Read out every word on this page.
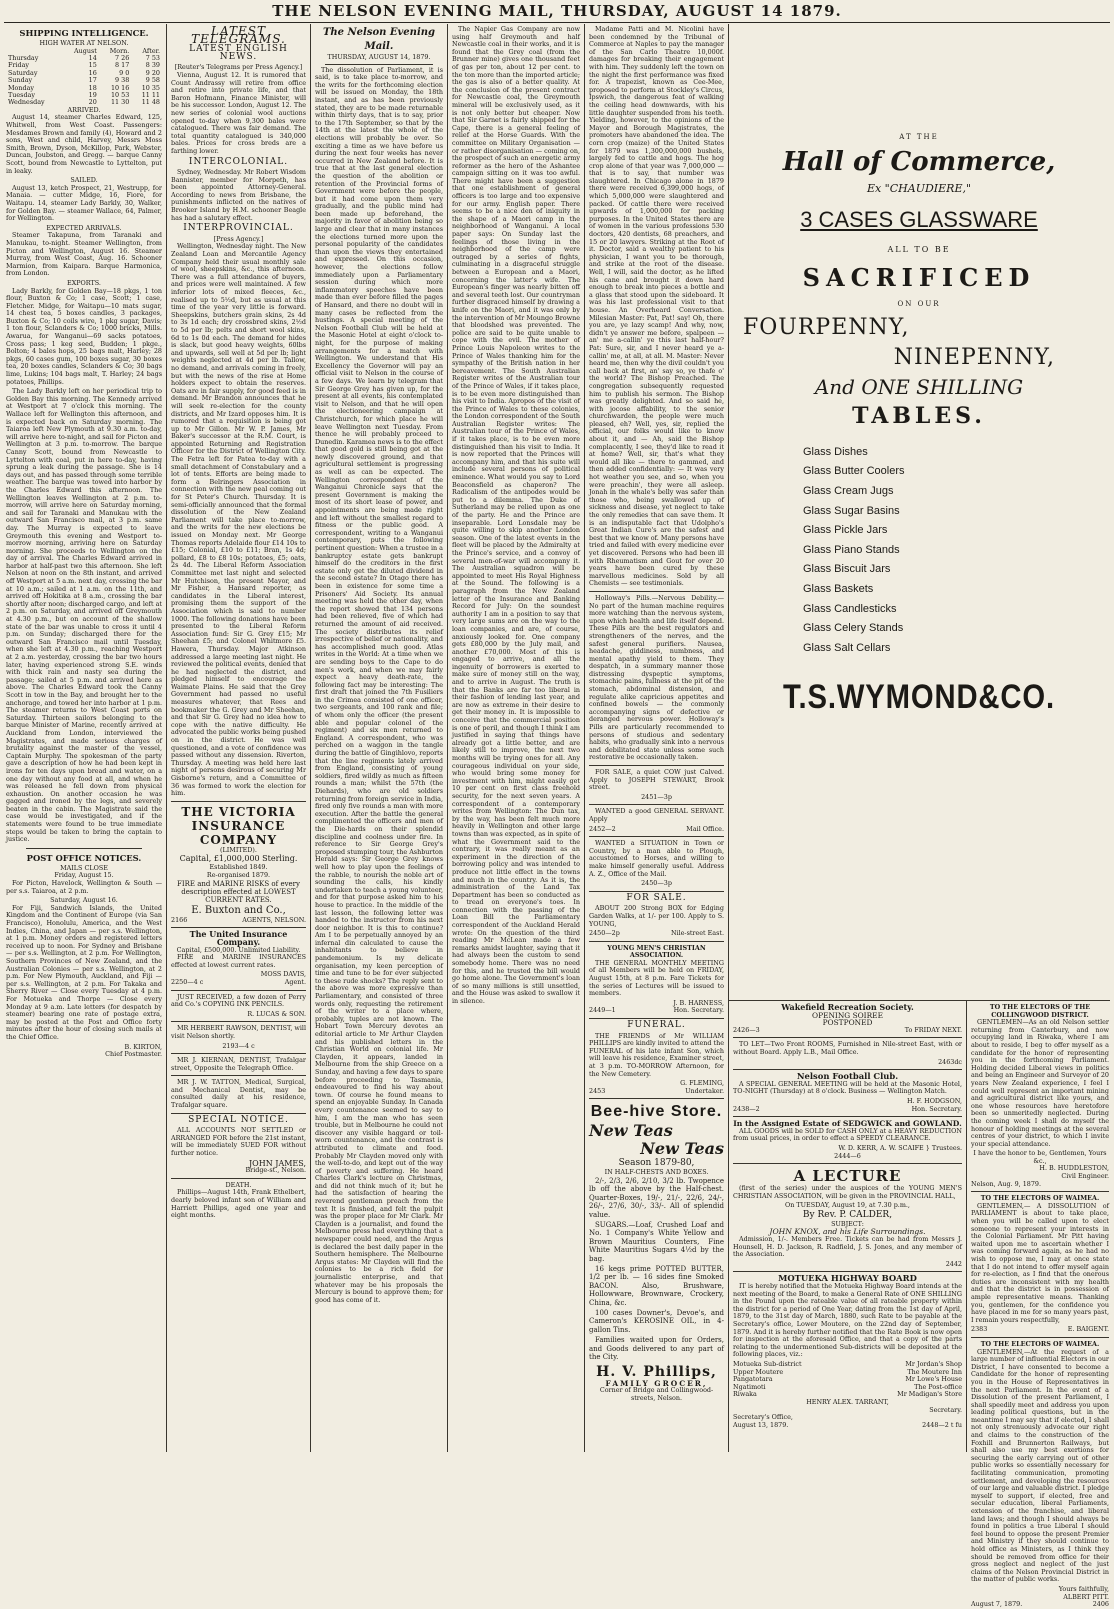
THE NELSON EVENING MAIL, THURSDAY, AUGUST 14 1879.
SHIPPING INTELLIGENCE.
HIGH WATER AT NELSON.
	August	Morn.	After.
Thursday	14	7 26	7 53
Friday	15	8 17	8 39
Saturday	16	9 0	9 20
Sunday	17	9 38	9 58
Monday	18	10 16	10 35
Tuesday	19	10 53	11 11
Wednesday	20	11 30	11 48
ARRIVED.

August 14, steamer Charles Edward, 125, Whitwell, from West Coast. Passengers: Mesdames Brown and family (4), Howard and 2 sons, West and child, Harvey, Messrs Moss Smith, Brown, Dyson, McKillop, Park, Webster, Duncan, Joubston, and Gregg. — barque Canny Scott, bound from Newcastle to Lyttelton, put in leaky.

SAILED.

August 13, ketch Prospect, 21, Westrupp, for Manaia. — cutter Midge, 16, Fiore, for Waitapu. 14, steamer Lady Barkly, 30, Walker, for Golden Bay. — steamer Wallace, 64, Palmer, for Wellington.

EXPECTED ARRIVALS.

Steamer Takapuna, from Taranaki and Manukau, to-night. Steamer Wellington, from Picton and Wellington, August 16. Steamer Murray, from West Coast, Aug. 16. Schooner Marmion, from Kaipara. Barque Harmonica, from London.

EXPORTS.

Lady Barkly, for Golden Bay—18 pkgs, 1 ton flour, Buxton & Co; 1 case, Scott; 1 case, Fletcher. Midge, for Waitapu—10 mats sugar, 14 chest tea, 5 boxes candles, 3 packages, Buxton & Co; 10 coils wire, 1 pkg sugar, Davis; 1 ton flour, Sclanders & Co; 1000 bricks, Mills. Awarua, for Wanganui—69 sacks potatoes, Cross pass; 1 keg seed, Budden; 1 pkge., Bolton; 4 bales hops, 25 bags malt, Harley; 28 pkgs, 60 cases gum, 100 boxes sugar, 30 boxes tea, 20 boxes candles, Sclanders & Co; 30 bags lime, Lukins; 104 bags malt, T. Harley; 24 bags potatoes, Phillips.

The Lady Barkly left on her periodical trip to Golden Bay this morning. The Kennedy arrived at Westport at 7 o'clock this morning. The Wallace left for Wellington this afternoon, and is expected back on Saturday morning. The Taiaroa left New Plymouth at 9.30 a.m. to-day, will arrive here to-night, and sail for Picton and Wellington at 3 p.m. to-morrow. The barque Canny Scott, bound from Newcastle to Lyttelton with coal, put in here to-day, having sprung a leak during the passage. She is 14 days out, and has passed through some terrible weather. The barque was towed into harbor by the Charles Edward this afternoon. The Wellington leaves Wellington at 2 p.m. to-morrow, will arrive here on Saturday morning, and sail for Taranaki and Manukau with the outward San Francisco mail, at 3 p.m. same day. The Murray is expected to leave Greymouth this evening and Westport to-morrow morning, arriving here on Saturday morning. She proceeds to Wellington on the day of arrival. The Charles Edward arrived in harbor at half-past two this afternoon. She left Nelson at noon on the 8th instant, and arrived off Westport at 5 a.m. next day, crossing the bar at 10 a.m.; sailed at 1 a.m. on the 11th, and arrived off Hokitika at 8 a.m., crossing the bar shortly after noon; discharged cargo, and left at 2 p.m. on Saturday, and arrived off Greymouth at 4.30 p.m., but on account of the shallow state of the bar was unable to cross it until 4 p.m. on Sunday; discharged there for the outward San Francisco mail until Tuesday, when she left at 4.30 p.m., reaching Westport at 2 a.m. yesterday, crossing the bar two hours later, having experienced strong S.E. winds with thick rain and nasty sea during the passage; sailed at 5 p.m. and arrived here as above. The Charles Edward took the Canny Scott in tow in the Bay, and brought her to the anchorage, and towed her into harbor at 1 p.m. The steamer returns to West Coast ports on Saturday. Thirteen sailors belonging to the barque Minister of Marine, recently arrived at Auckland from London, interviewed the Magistrates, and made serious charges of brutality against the master of the vessel, Captain Murphy. The spokesman of the party gave a description of how he had been kept in irons for ten days upon bread and water, on a one day without any food at all, and when he was released he fell down from physical exhaustion. On another occasion he was gagged and ironed by the legs, and severely beaten in the cabin. The Magistrate said the case would be investigated, and if the statements were found to be true immediate steps would be taken to bring the captain to justice.

POST OFFICE NOTICES.
MAILS CLOSE
Friday, August 15.

For Picton, Havelock, Wellington & South — per s.s. Taiaroa, at 2 p.m.

Saturday, August 16.

For Fiji, Sandwich Islands, the United Kingdom and the Continent of Europe (via San Francisco), Honolulu, America, and the West Indies, China, and Japan — per s.s. Wellington, at 1 p.m. Money orders and registered letters received up to noon. For Sydney and Brisbane — per s.s. Wellington, at 2 p.m. For Wellington, Southern Provinces of New Zealand, and the Australian Colonies — per s.s. Wellington, at 2 p.m. For New Plymouth, Auckland, and Fiji — per s.s. Wellington, at 2 p.m. For Takaka and Sherry River — Close every Tuesday at 4 p.m. For Motueka and Thorpe — Close every Monday at 9 a.m. Late letters (for despatch by steamer) bearing one rate of postage extra, may be posted at the Post and Office forty minutes after the hour of closing such mails at the Chief Office.

B. KIRTON,
Chief Postmaster.
LATEST TELEGRAMS.
LATEST ENGLISH NEWS.
[Reuter's Telegrams per Press Agency.]

Vienna, August 12. It is rumored that Count Andrassy will retire from office and retire into private life, and that Baron Hofmann, Finance Minister, will be his successor. London, August 12. The new series of colonial wool auctions opened to-day when 9,300 bales were catalogued. There was fair demand. The total quantity catalogued is 340,000 bales. Prices for cross breds are a farthing lower.

INTERCOLONIAL.

Sydney, Wednesday. Mr Robert Wisdom Bannister, member for Morpeth, has been appointed Attorney-General. According to news from Brisbane, the punishments inflicted on the natives of Brooker Island by H.M. schooner Beagle has had a salutary effect.

INTERPROVINCIAL.
[Press Agency.]

Wellington, Wednesday night. The New Zealand Loan and Mercantile Agency Company held their usual monthly sale of wool, sheepskins, &c., this afternoon. There was a full attendance of buyers, and prices were well maintained. A few inferior lots of mixed fleeces, &c., realised up to 5½d, but as usual at this time of the year very little is forward. Sheepskins, butchers grain skins, 2s 4d to 3s 1d each; dry crossbred skins, 2½d to 5d per lb; pelts and short wool skins, 6d to 1s 0d each. The demand for hides is slack, but good heavy weights, 60lbs and upwards, sell well at 5d per lb; light weights neglected at 4d per lb. Tallow, no demand, and arrivals coming in freely, but with the news of the rise at Home holders expect to obtain the reserves. Oats are in fair supply, for good feed is in demand. Mr Brandon announces that he will seek re-election for the county districts, and Mr Izard opposes him. It is rumored that a requisition is being got up to Mr Gillon. Mr W. P. James, Mr Baker's successor at the R.M. Court, is appointed Returning and Registration Officer for the District of Wellington City. The Fetra left for Patea to-day with a small detachment of Constabulary and a lot of tents. Efforts are being made to form a Belringers Association in connection with the new peal coming out for St Peter's Church. Thursday. It is semi-officially announced that the formal dissolution of the New Zealand Parliament will take place to-morrow, and the writs for the new elections be issued on Monday next. Mr George Thomas reports Adelaide flour £14 10s to £15; Colonial, £10 to £11; Bran, 1s 4d; pollard, £8 to £8 10s; potatoes, £5; oats, 2s 4d. The Liberal Reform Association Committee met last night and selected Mr Hutchison, the present Mayor, and Mr Fisher, a Hansard reporter, as candidates in the Liberal interest, promising them the support of the Association which is said to number 1000. The following donations have been presented to the Liberal Reform Association fund: Sir G. Grey £15; Mr Sheehan £5; and Colonel Whitmore £5. Hawera, Thursday. Major Atkinson addressed a large meeting last night. He reviewed the political events, denied that he had neglected the district, and pledged himself to encourage the Waimate Plains. He said that the Grey Government had passed no useful measures whatever, that Rees and bookmaker the G. Grey and Mr Sheehan, and that Sir G. Grey had no idea how to cope with the native difficulty. He advocated the public works being pushed on in the district. He was well questioned, and a vote of confidence was passed without any dissension. Riverton, Thursday. A meeting was held here last night of persons desirous of securing Mr Gisborne's return, and a Committee of 36 was formed to work the election for him.

THE VICTORIA INSURANCE COMPANY
(LIMITED).
Capital, £1,000,000 Sterling.
Established 1849.
Re-organised 1879.
FIRE and MARINE RISKS of every description effected at LOWEST CURRENT RATES.
E. Buxton and Co.,
2166	AGENTS, NELSON.
The United Insurance Company.
Capital, £500,000. Unlimited Liability.

FIRE and MARINE INSURANCES effected at lowest current rates.

MOSS DAVIS,
2250—4 c	Agent.

JUST RECEIVED, a few dozen of Perry and Co.'s COPYING INK PENCILS.

R. LUCAS & SON.

MR HERBERT RAWSON, DENTIST, will visit Nelson shortly.

2193—4 c

MR J. KIERNAN, DENTIST, Trafalgar street, Opposite the Telegraph Office.

MR J. W. TATTON, Medical, Surgical, and Mechanical Dentist, may be consulted daily at his residence, Trafalgar square.

SPECIAL NOTICE.

ALL ACCOUNTS NOT SETTLED or ARRANGED FOR before the 21st instant, will be immediately SUED FOR without further notice.

JOHN JAMES,
Bridge-st., Nelson.
DEATH.

Phillips—August 14th, Frank Ethelbert, dearly beloved infant son of William and Harriett Phillips, aged one year and eight months.

The Nelson Evening Mail.
THURSDAY, AUGUST 14, 1879.

The dissolution of Parliament, it is said, is to take place to-morrow, and the writs for the forthcoming election will be issued on Monday, the 18th instant, and as has been previously stated, they are to be made returnable within thirty days, that is to say, prior to the 17th September, so that by the 14th at the latest the whole of the elections will probably be over. So exciting a time as we have before us during the next four weeks has never occurred in New Zealand before. It is true that at the last general election the question of the abolition or retention of the Provincial forms of Government were before the people, but it had come upon them very gradually, and the public mind had been made up beforehand, the majority in favor of abolition being so large and clear that in many instances the elections turned more upon the personal popularity of the candidates than upon the views they entertained and expressed. On this occasion, however, the elections follow immediately upon a Parliamentary session during which more inflammatory speeches have been made than ever before filled the pages of Hansard, and there no doubt will in many cases be reflected from the hustings. A special meeting of the Nelson Football Club will be held at the Masonic Hotel at eight o'clock to-night, for the purpose of making arrangements for a match with Wellington. We understand that His Excellency the Governor will pay an official visit to Nelson in the course of a few days. We learn by telegram that Sir George Grey has given up, for the present at all events, his contemplated visit to Nelson, and that he will open the electioneering campaign at Christchurch, for which place he will leave Wellington next Tuesday. From thence he will probably proceed to Dunedin. Karamea news is to the effect that good gold is still being got at the newly discovered ground, and that agricultural settlement is progressing as well as can be expected. The Wellington correspondent of the Wanganui Chronicle says that the present Government is making the most of its short lease of power, and appointments are being made right and left without the smallest regard to fitness or the public good. A correspondent, writing to a Wanganui contemporary, puts the following pertinent question: When a trustee in a bankruptcy estate gets bankrupt himself do the creditors in the first estate only get the diluted dividend in the second estate? In Otago there has been in existence for some time a Prisoners' Aid Society. Its annual meeting was held the other day, when the report showed that 134 persons had been relieved, five of which had returned the amount of aid received. The society distributes its relief irrespective of belief or nationality, and has accomplished much good. Atlas writes in the World: At a time when we are sending boys to the Cape to do men's work, and when we may fairly expect a heavy death-rate, the following fact may be interesting: The first draft that joined the 7th Fusiliers in the Crimea consisted of one officer, two sergeants, and 100 rank and file; of whom only the officer (the present able and popular colonel of the regiment) and six men returned to England. A correspondent, who was perched on a waggon in the tangle during the battle of Gingihlovo, reports that the line regiments lately arrived from England, consisting of young soldiers, fired wildly as much as fifteen rounds a man; whilst the 57th (the Diehards), who are old soldiers returning from foreign service in India, fired only five rounds a man with more execution. After the battle the general complimented the officers and men of the Die-hards on their splendid discipline and coolness under fire. In reference to Sir George Grey's proposed stumping tour, the Ashburton Herald says: Sir George Grey knows well how to play upon the feelings of the rabble, to nourish the noble art of sounding the calls, his kindly undertaken to teach a young volunteer, and for that purpose asked him to his house to practice. In the middle of the last lesson, the following letter was handed to the instructor from his next door neighbor. It is this to continue? Am I to be perpetually annoyed by an infernal din calculated to cause the inhabitants to believe in pandemonium. Is my delicate organisation, my keen perception of time and tune to be for ever subjected to these rude shocks? The reply sent to the above was more expressive than Parliamentary, and consisted of three words only, requesting the retirement of the writer to a place where, probably, tuples are not known. The Hobart Town Mercury devotes an editorial article to Mr Arthur Clayden and his published letters in the Christian World on colonial life. Mr Clayden, it appears, landed in Melbourne from the ship Greece on a Sunday, and having a few days to spare before proceeding to Tasmania, endeavoured to find his way about town. Of course he found means to spend an enjoyable Sunday. In Canada every countenance seemed to say to him, I am the man who has seen trouble, but in Melbourne he could not discover any visible haggard or toil-worn countenance, and the contrast is attributed to climate and food. Probably Mr Clayden moved only with the well-to-do, and kept out of the way of poverty and suffering. He heard Charles Clark's lecture on Christmas, and did not think much of it; but he had the satisfaction of hearing the reverend gentleman preach from the text It is finished, and felt the pulpit was the proper place for Mr Clark. Mr Clayden is a journalist, and found the Melbourne press had everything that a newspaper could need, and the Argus is declared the best daily paper in the Southern hemisphere. The Melbourne Argus states: Mr Clayden will find the colonies to be a rich field for journalistic enterprise, and that whatever may be his proposals the Mercury is bound to approve them; for good has come of it.

The Napier Gas Company are now using half Greymouth and half Newcastle coal in their works, and it is found that the Grey coal (from the Brunner mine) gives one thousand feet of gas per ton, about 12 per cent. to the ton more than the imported article; the gas is also of a better quality. At the conclusion of the present contract for Newcastle coal, the Greymouth mineral will be exclusively used, as it is not only better but cheaper. Now that Sir Garnet is fairly shipped for the Cape, there is a general feeling of relief at the Horse Guards. With the committee on Military Organisation — or rather disorganisation — coming on, the prospect of such an energetic army reformer as the hero of the Ashantee campaign sitting on it was too awful. There might have been a suggestion that one establishment of general officers is too large and too expensive for our army. English paper. There seems to be a nice den of iniquity in the shape of a Maori camp in the neighborhood of Wanganui. A local paper says: On Sunday last the feelings of those living in the neighborhood of the camp were outraged by a series of fights, culminating in a disgraceful struggle between a European and a Maori, concerning the latter's wife. The European's finger was nearly bitten off and several teeth lost. Our countryman further disgraced himself by drawing a knife on the Maori, and it was only by the intervention of Mr Moungo Browne that bloodshed was prevented. The police are said to be quite unable to cope with the evil. The mother of Prince Louis Napoleon writes to the Prince of Wales thanking him for the sympathy of the British nation in her bereavement. The South Australian Register writes of the Australian tour of the Prince of Wales, if it takes place, is to be even more distinguished than his visit to India. Apropos of the visit of the Prince of Wales to these colonies, the London correspondent of the South Australian Register writes: The Australian tour of the Prince of Wales, if it takes place, is to be even more distinguished than his visit to India. It is now reported that the Princes will accompany him, and that his suite will include several persons of political eminence. What would you say to Lord Beaconsfield as chaperon? The Radicalism of the antipodes would be put to a dilemma. The Duke of Sutherland may be relied upon as one of the party. He and the Prince are inseparable. Lord Lonsdale may be quite willing to skip another London season. One of the latest events in the fleet will be placed by the Admiralty at the Prince's service, and a convoy of several men-of-war will accompany it. The Australian squadron will be appointed to meet His Royal Highness at the Sound. The following is a paragraph from the New Zealand letter of the Insurance and Banking Record for July: On the soundest authority I am in a position to say that very large sums are on the way to the loan companies, and are, of course, anxiously looked for. One company gets £80,000 by the July mail, and another £70,000. Most of this is engaged to arrive, and all the ingenuity of borrowers is exerted to make sure of money still on the way, and to arrive in August. The truth is that the Banks are far too liberal in their fashion of lending last year, and are now as extreme in their desire to get their money in. It is impossible to conceive that the commercial position is one of peril, and though I think I am justified in saying that things have already got a little better, and are likely still to improve, the next two months will be trying ones for all. Any courageous individual on your side, who would bring some money for investment with him, might easily get 10 per cent on first class freehold security, for the next seven years. A correspondent of a contemporary writes from Wellington: The Dun tax, by the way, has been felt much more heavily in Wellington and other large towns than was expected, as in spite of what the Government said to the contrary, it was really meant as an experiment in the direction of the borrowing policy and was intended to produce not little effect in the towns and much in the country. As it is, the administration of the Land Tax Department has been so conducted as to tread on everyone's toes. In connection with the passing of the Loan Bill the Parliamentary correspondent of the Auckland Herald wrote: On the question of the third reading Mr McLean made a few remarks amidst laughter, saying that it had always been the custom to send somebody home. There was no need for this, and he trusted the bill would go home alone. The Government's loan of so many millions is still unsettled, and the House was asked to swallow it in silence.

Madame Patti and M. Nicolini have been condemned by the Tribunal of Commerce at Naples to pay the manager of the San Carlo Theatre 10,000f. damages for breaking their engagement with him. They suddenly left the town on the night the first performance was fixed for. A trapezist, known as Cee-Mee, proposed to perform at Stockley's Circus, Ipswich, the dangerous feat of walking the ceiling head downwards, with his little daughter suspended from his teeth. Yielding, however, to the opinions of the Mayor and Borough Magistrates, the promoters have abandoned the idea. The corn crop (maize) of the United States for 1879 was 1,300,000,000 bushels, largely fed to cattle and hogs. The hog crop alone of that year was 7,000,000 — that is to say, that number was slaughtered. In Chicago alone in 1879 there were received 6,399,000 hogs, of which 5,000,000 were slaughtered and packed. Of cattle there were received upwards of 1,000,000 for packing purposes. In the United States there are of women in the various professions 530 doctors, 420 dentists, 68 preachers, and 15 or 20 lawyers. Striking at the Root of it. Doctor, said a wealthy patient to his physician, I want you to be thorough, and strike at the root of the disease. Well, I will, said the doctor, as he lifted his cane and brought it down hard enough to break into pieces a bottle and a glass that stood upon the sideboard. It was his last professional visit to that house. An Overheard Conversation. Milesian Master: Pat, Pat! say! Oh, there you are, ye lazy scamp! And why, now, didn't ye answer me before, spalpeen — an' me a-callin' ye this last half-hour? Pat: Sure, sir, and I never heard ye a-callin' me, at all, at all. M. Master: Never heard me, then why the divil couldn't you call back at first, an' say so, ye thafe o' the world? The Bishop Preached. The congregation subsequently requested him to publish his sermon. The Bishop was greatly delighted. And so said he, with jocose affability, to the senior churchwarden, the people were much pleased, eh? Well, yes, sir, replied the official, our folks would like to know about it, and — Ah, said the Bishop complacently, I see, they'd like to read it at home? Well, sir, that's what they would all like — there to gammed, and then added confidentially: — It was very hot weather you see, and so, when you were preachin', they were all asleep. Jonah in the whale's belly was safer than those who, being swallowed up of sickness and disease, yet neglect to take the only remedies that can save them. It is an indisputable fact that Udolpho's Great Indian Cure's are the safest and best that we know of. Many persons have tried and failed with every medicine ever yet discovered. Persons who had been ill with Rheumatism and Gout for over 20 years have been cured by these marvellous medicines. Sold by all Chemists — see testimonials.

Holloway's Pills.—Nervous Debility.—No part of the human machine requires more watching than the nervous system, upon which health and life itself depend. These Pills are the best regulators and strengtheners of the nerves, and the safest general purifiers. Nausea, headache, giddiness, numbness, and mental apathy yield to them. They despatch, in a summary manner those distressing dyspeptic symptoms, stomachic pains, fullness at the pit of the stomach, abdominal distension, and regulate alike capricious appetites and confined bowels — the commonly accompanying signs of defective or deranged nervous power. Holloway's Pills are particularly recommended to persons of studious and sedentary habits, who gradually sink into a nervous and debilitated state unless some such restorative be occasionally taken.

FOR SALE, a quiet COW just Calved. Apply to JOSEPH STEWART, Brook street.

2451—3p

WANTED a good GENERAL SERVANT. Apply

2452—2	Mail Office.

WANTED a SITUATION in Town or Country, by a man able to Plough, accustomed to Horses, and willing to make himself generally useful. Address A. Z., Office of the Mail.

2450—3p
FOR SALE.

ABOUT 200 Strong BOX for Edging Garden Walks, at 1/- per 100. Apply to S. YOUNG,

2450—2p	Nile-street East.
YOUNG MEN'S CHRISTIAN ASSOCIATION.

THE GENERAL MONTHLY MEETING of all Members will be held on FRIDAY, August 15th, at 8 p.m. Fare Tickets for the series of Lectures will be issued to members.

J. B. HARNESS,
2449—1	Hon. Secretary.
FUNERAL.

THE FRIENDS of Mr WILLIAM PHILLIPS are kindly invited to attend the FUNERAL of his late infant Son, which will leave his residence, Examiner street, at 3 p.m. TO-MORROW Afternoon, for the New Cemetery.

G. FLEMING,
2453	Undertaker.
Bee-hive Store.
New Teas
New Teas
Season 1879-80,
IN HALF-CHESTS AND BOXES.

2/-, 2/3, 2/6, 2/10, 3/2 lb. Twopence lb off the above by the Half-chest. Quarter-Boxes, 19/-, 21/-, 22/6, 24/-, 26/-, 27/6, 30/-, 33/-. All of splendid value.

SUGARS.—Loaf, Crushed Loaf and No. 1 Company's White Yellow and Brown Mauritius Counters, Fine White Mauritius Sugars 4½d by the bag.

16 kegs prime POTTED BUTTER, 1/2 per lb. — 16 sides fine Smoked BACON. Also, Brushware, Hollowware, Brownware, Crockery, China, &c.

100 cases Downer's, Devoe's, and Cameron's KEROSINE OIL, in 4-gallon Tins.

Families waited upon for Orders, and Goods delivered to any part of the City.

H. V. Phillips,
FAMILY GROCER,
Corner of Bridge and Collingwood-streets, Nelson.
AT THE
Hall of Commerce,
Ex "CHAUDIERE,"
3 CASES GLASSWARE
ALL TO BE
SACRIFICED
ON OUR
FOURPENNY,
NINEPENNY,
And ONE SHILLING
TABLES.
Glass Dishes
Glass Butter Coolers
Glass Cream Jugs
Glass Sugar Basins
Glass Pickle Jars
Glass Piano Stands
Glass Biscuit Jars
Glass Baskets
Glass Candlesticks
Glass Celery Stands
Glass Salt Cellars
T.S.WYMOND&CO.
Wakefield Recreation Society.
OPENING SOIREE
POSTPONED
2426—3	To FRIDAY NEXT.

TO LET—Two Front ROOMS, Furnished in Nile-street East, with or without Board. Apply L.B., Mail Office.

2463dc
Nelson Football Club.

A SPECIAL GENERAL MEETING will be held at the Masonic Hotel, TO-NIGHT (Thursday) at 8 o'clock. Business — Wellington Match.

H. F. HODGSON,
2438—2	Hon. Secretary.
In the Assigned Estate of SEDGWICK and GOWLAND.

ALL GOODS will be SOLD for CASH ONLY at a HEAVY REDUCTION from usual prices, in order to effect a SPEEDY CLEARANCE.

W. D. KERR, A. W. SCAIFE } Trustees.
2444—6
A LECTURE

(first of the series) under the auspices of the YOUNG MEN'S CHRISTIAN ASSOCIATION, will be given in the PROVINCIAL HALL,

On TUESDAY, August 19, at 7.30 p.m.,
By Rev. P. CALDER,
SUBJECT:
JOHN KNOX, and his Life Surroundings.

Admission, 1/-. Members Free. Tickets can be had from Messrs J. Hounsell, H. D. Jackson, R. Radfield, J. S. Jones, and any member of the Association.

2442
MOTUEKA HIGHWAY BOARD

IT is hereby notified that the Motueka Highway Board intends at the next meeting of the Board, to make a General Rate of ONE SHILLING in the Pound upon the rateable value of all rateable property within the district for a period of One Year, dating from the 1st day of April, 1879, to the 31st day of March, 1880, such Rate to be payable at the Secretary's office, Lower Moutere, on the 22nd day of September, 1879. And it is hereby further notified that the Rate Book is now open for inspection at the aforesaid Office, and that a copy of the parts relating to the undermentioned Sub-districts will be deposited at the following places, viz.:

Motueka Sub-district	Mr Jordan's Shop
Upper Moutere	The Moutere Inn
Pangatotara	Mr Lowe's House
Ngatimoti	The Post-office
Riwaka	Mr Madigan's Store
HENRY ALEX. TARRANT,
Secretary.
Secretary's Office,
August 13, 1879.	2448—2 t fu
TO THE ELECTORS OF THE COLLINGWOOD DISTRICT.

GENTLEMEN—As an old Nelson settler returning from Canterbury, and now occupying land in Riwaka, where I am about to reside, I beg to offer myself as a candidate for the honor of representing you in the forthcoming Parliament. Holding decided Liberal views in politics and being an Engineer and Surveyor of 20 years New Zealand experience, I feel I could well represent an important mining and agricultural district like yours, and one whose resources have heretofore been so unmeritedly neglected. During the coming week I shall do myself the honour of holding meetings at the several centres of your district, to which I invite your special attendance.

I have the honor to be, Gentlemen, Yours &c.,
H. B. HUDDLESTON,
Civil Engineer.
Nelson, Aug. 9, 1879.
TO THE ELECTORS OF WAIMEA.

GENTLEMEN,— A DISSOLUTION of PARLIAMENT is about to take place, when you will be called upon to elect someone to represent your interests in the Colonial Parliament. Mr Pitt having waited upon me to ascertain whether I was coming forward again, as he had no wish to oppose me, I may at once state that I do not intend to offer myself again for re-election, as I find that the onerous duties are inconsistent with my health and that the district is in possession of ample representative means. Thanking you, gentlemen, for the confidence you have placed in me for so many years past, I remain yours respectfully,

2383	E. BAIGENT.
TO THE ELECTORS OF WAIMEA.

GENTLEMEN,—At the request of a large number of influential Electors in our District, I have consented to become a Candidate for the honor of representing you in the House of Representatives in the next Parliament. In the event of a Dissolution of the present Parliament, I shall speedily meet and address you upon leading political questions, but in the meantime I may say that if elected, I shall not only strenuously advocate our right and claims to the construction of the Foxhill and Brunnerton Railways, but shall also use my best exertions for securing the early carrying out of other public works so essentially necessary for facilitating communication, promoting settlement, and developing the resources of our large and valuable district. I pledge myself to support, if elected, free and secular education, liberal Parliaments, extension of the franchise, and liberal land laws; and though I should always be found in politics a true Liberal I should feel bound to oppose the present Premier and Ministry if they should continue to hold office as Ministers, as I think they should be removed from office for their gross neglect and neglect of the just claims of the Nelson Provincial District in the matter of public works.

Yours faithfully,
ALBERT PITT.
August 7, 1879.	2406
